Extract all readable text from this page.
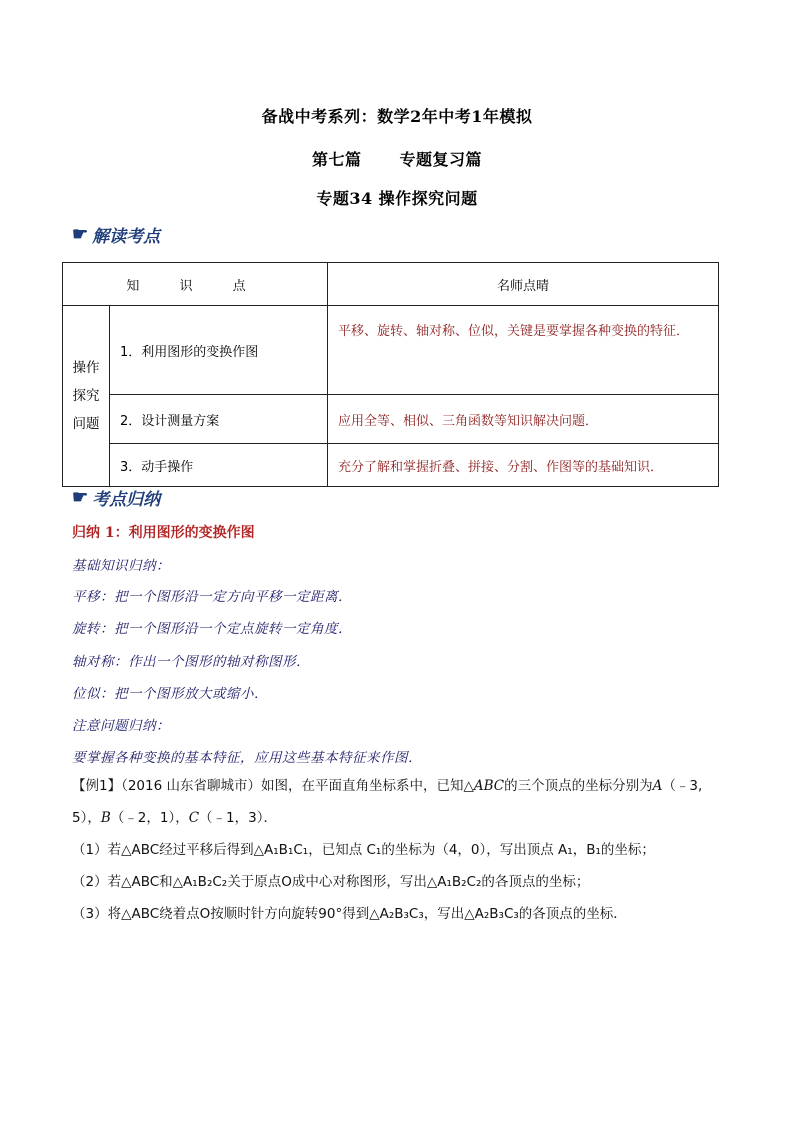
备战中考系列：数学2年中考1年模拟
第七篇 专题复习篇
专题34 操作探究问题
☛ 解读考点
知 识 点		名师点晴
操作
探究
问题	1．利用图形的变换作图	平移、旋转、轴对称、位似，关键是要掌握各种变换的特征．
	2．设计测量方案	应用全等、相似、三角函数等知识解决问题．
	3．动手操作	充分了解和掌握折叠、拼接、分割、作图等的基础知识．
☛ 考点归纳
归纳 1：利用图形的变换作图
基础知识归纳：
平移：把一个图形沿一定方向平移一定距离．
旋转：把一个图形沿一个定点旋转一定角度．
轴对称：作出一个图形的轴对称图形．
位似：把一个图形放大或缩小．
注意问题归纳：
要掌握各种变换的基本特征，应用这些基本特征来作图．
【例1】（2016 山东省聊城市）如图，在平面直角坐标系中，已知△ABC的三个顶点的坐标分别为A（﹣3,
5），B（﹣2，1），C（﹣1，3）．
（1）若△ABC经过平移后得到△A₁B₁C₁，已知点 C₁的坐标为（4，0），写出顶点 A₁，B₁的坐标；
（2）若△ABC和△A₁B₂C₂关于原点O成中心对称图形，写出△A₁B₂C₂的各顶点的坐标；
（3）将△ABC绕着点O按顺时针方向旋转90°得到△A₂B₃C₃，写出△A₂B₃C₃的各顶点的坐标．
